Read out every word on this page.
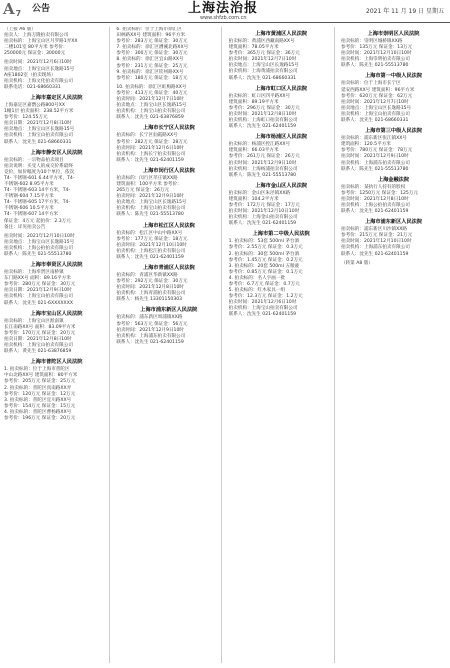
A 7 公告	上海法治报
www.shfzb.com.cn
2021 年 11 月 19 日 星期五

（上接 A6 版）

拍卖人：上海万隆拍卖有限公司

拍卖标的：上海宝山区月罗路1弄XX

二楼101室 80平方米 参考价：

250000元 保证金：30000元

拍卖时间：2021年12月6日10时

拍卖地点：上海宝山区长逸路15号

A座1802室（拍卖现场）

拍卖机构：上海文化拍卖有限公司

联系电话：021-68660331

上海市嘉定区人民法院

上海嘉定区嘉戬公路800号XX

1幢1层 拍卖面积：238.52平方米

参考价：124.55万元

拍卖日期：2021年12月8日10时

拍卖地点：上海宝山区长逸路15号

拍卖机构：上海宝山拍卖有限公司

联系人：沈先生 021-68660331

上海市静安区人民法院

拍卖标的：一宗物品拍卖项目

拍卖说明：买受人的成交价系最终

竞价，加价幅度为10个单位，依次

T4- 不锈钢-601 6.44平方米，T4-

不锈钢-602 8.95平方米

T4- 不锈钢-603 14平方米，T4-

不锈钢-604 7.15平方米

T4- 不锈钢-605 17平方米，T4-

不锈钢-606 10.5平方米

T4- 不锈钢-607 14平方米

保证金：4万元 起拍价：2.3万元

备注：详见拍卖公告

拍卖时间：2021年12月10日10时

拍卖地点：上海宝山区长逸路15号

拍卖机构：上海公拍拍卖有限公司

联系人：陈先生 021-55513780

上海市奉贤区人民法院

拍卖标的：上海奉贤区南桥镇

东门路XX号 面积：89.16平方米

参考价：280万元 保证金：30万元

拍卖日期：2021年12月9日10时

拍卖机构：上海宝山拍卖有限公司

联系人：沈先生 021-6XXXXXXX

上海市宝山区人民法院

拍卖标的：上海宝山区淞南镇

长江南路XX号 面积：83.09平方米

参考价：170万元 保证金：20万元

拍卖日期：2021年12月8日10时

拍卖机构：上海宝山拍卖有限公司

联系人：黄先生 021-63876859

上海市普陀区人民法院

1. 拍卖标的：位于上海市普陀区

中山北路XX号 建筑面积：80平方米

参考价：205万元 保证金：25万元

2. 拍卖标的：普陀区真南路XX弄

参考价：120万元 保证金：12万元

3. 拍卖标的：普陀区宜川路XX号

参考价：154万元 保证金：15万元

4. 拍卖标的：普陀区曹杨路XX号

参考价：196万元 保证金：20万元

6. 拍卖标的：位于上海市徐汇区

田林路XX号 建筑面积：96平方米

参考价：283万元 保证金：30万元

7. 拍卖标的：徐汇区漕溪北路XX号

参考价：300万元 保证金：30万元

8. 拍卖标的：徐汇区宜山路XX号

参考价：231万元 保证金：25万元

9. 拍卖标的：徐汇区钦州路XX号

参考价：180万元 保证金：18万元

10. 拍卖标的：徐汇区虹梅路XX号

参考价：413万元 保证金：40万元

拍卖时间：2021年12月7日10时

拍卖地点：上海宝山区长逸路15号

拍卖机构：上海宝山拍卖有限公司

联系人：沈先生 021-63876859

上海市长宁区人民法院

拍卖标的：长宁区仙霞路XX号

参考价：282万元 保证金：28万元

拍卖时间：2021年12月6日10时

拍卖机构：上海长宁拍卖有限公司

联系人：沈先生 021-62401159

上海市闵行区人民法院

拍卖标的：闵行区莘庄镇XX路

建筑面积：100平方米 参考价：

265万元 保证金：26万元

拍卖时间：2021年12月9日10时

拍卖地点：上海宝山区长逸路15号

拍卖机构：上海宝山拍卖有限公司

联系人：陈先生 021-55513780

上海市松江区人民法院

拍卖标的：松江区中山中路XX号

参考价：177万元 保证金：18万元

拍卖时间：2021年12月10日10时

拍卖机构：上海松江拍卖有限公司

联系人：沈先生 021-62401159

上海市青浦区人民法院

拍卖标的：青浦区华新镇XX路

参考价：292万元 保证金：30万元

拍卖时间：2021年12月8日10时

拍卖机构：上海青浦拍卖有限公司

联系人：杨先生 13301150303

上海市浦东新区人民法院

拍卖标的：浦东新区周浦镇XX路

参考价：563万元 保证金：56万元

拍卖时间：2021年12月9日10时

拍卖机构：上海浦东拍卖有限公司

联系人：沈先生 021-62401159

上海市黄浦区人民法院

拍卖标的：黄浦区西藏南路XX号

建筑面积：78.05平方米

参考价：365万元 保证金：36万元

拍卖时间：2021年12月7日10时

拍卖地点：上海宝山区长逸路15号

拍卖机构：上海黄浦拍卖有限公司

联系人：沈先生 021-68660331

上海市虹口区人民法院

拍卖标的：虹口区四平路XX号

建筑面积：89.19平方米

参考价：296万元 保证金：30万元

拍卖时间：2021年12月8日10时

拍卖机构：上海虹口拍卖有限公司

联系人：沈先生 021-62401159

上海市杨浦区人民法院

拍卖标的：杨浦区控江路XX号

建筑面积：66.03平方米

参考价：261万元 保证金：26万元

拍卖时间：2021年12月9日10时

拍卖机构：上海杨浦拍卖有限公司

联系人：陈先生 021-55513780

上海市金山区人民法院

拍卖标的：金山区朱泾镇XX路

建筑面积：104.2平方米

参考价：172万元 保证金：17万元

拍卖时间：2021年12月10日10时

拍卖机构：上海金山拍卖有限公司

联系人：沈先生 021-62401159

上海市第二中级人民法院

1. 拍卖标的：53套 500ml 茅台酒

参考价：2.55万元 保证金：0.3万元

2. 拍卖标的：30套 500ml 茅台酒

参考价：1.45万元 保证金：0.2万元

3. 拍卖标的：20套 500ml 五粮液

参考价：0.85万元 保证金：0.1万元

4. 拍卖标的：名人字画一批

参考价：6.7万元 保证金：0.7万元

5. 拍卖标的：红木家具一组

参考价：12.3万元 保证金：1.2万元

拍卖时间：2021年12月6日10时

拍卖机构：上海宝山拍卖有限公司

联系人：沈先生 021-62401159

上海市崇明区人民法院

拍卖标的：崇明区城桥镇XX路

参考价：135万元 保证金：13万元

拍卖时间：2021年12月10日10时

拍卖机构：上海崇明拍卖有限公司

联系人：陈先生 021-55513780

上海市第一中级人民法院

拍卖标的：位于上海市长宁区

延安西路XX号 建筑面积：96平方米

参考价：620万元 保证金：62万元

拍卖时间：2021年12月7日10时

拍卖地点：上海宝山区长逸路15号

拍卖机构：上海宝山拍卖有限公司

联系人：沈先生 021-68660331

上海市第三中级人民法院

拍卖标的：浦东新区张江镇XX号

建筑面积：120.5平方米

参考价：780万元 保证金：78万元

拍卖时间：2021年12月9日10时

拍卖机构：上海浦东拍卖有限公司

联系人：陈先生 021-55513780

上海金融法院

拍卖标的：某执行人持有的股权

参考价：1250万元 保证金：125万元

拍卖时间：2021年12月8日10时

拍卖机构：上海公拍拍卖有限公司

联系人：沈先生 021-62401159

上海市浦东新区人民法院

拍卖标的：浦东新区川沙镇XX路

参考价：215万元 保证金：21万元

拍卖时间：2021年12月10日10时

拍卖机构：上海浦东拍卖有限公司

联系人：沈先生 021-62401159

（转第 A8 版）
